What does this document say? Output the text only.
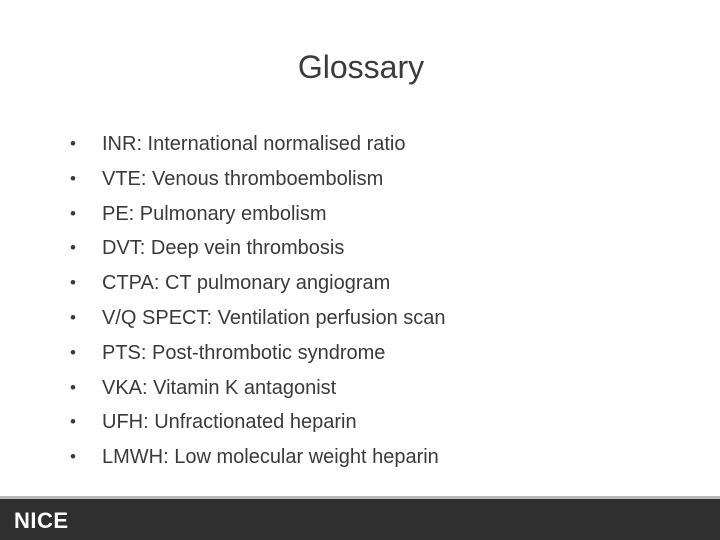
Glossary
•	INR: International normalised ratio
•	VTE: Venous thromboembolism
•	PE: Pulmonary embolism
•	DVT: Deep vein thrombosis
•	CTPA: CT pulmonary angiogram
•	V/Q SPECT: Ventilation perfusion scan
•	PTS: Post-thrombotic syndrome
•	VKA: Vitamin K antagonist
•	UFH: Unfractionated heparin
•	LMWH: Low molecular weight heparin
NICE
